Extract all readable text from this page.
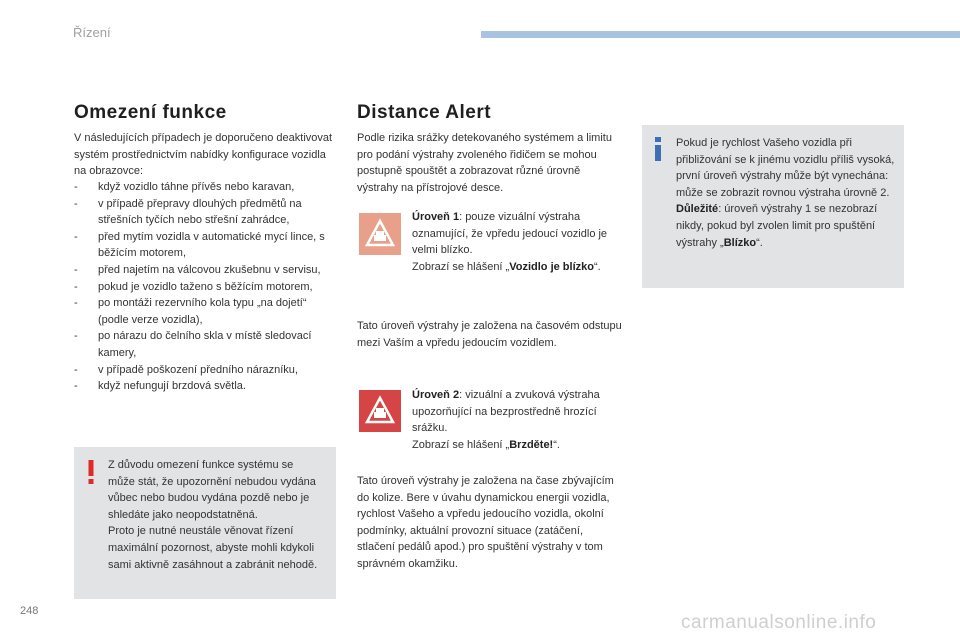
Řízení
Omezení funkce
V následujících případech je doporučeno deaktivovat systém prostřednictvím nabídky konfigurace vozidla na obrazovce:
- když vozidlo táhne přívěs nebo karavan,
- v případě přepravy dlouhých předmětů na střešních tyčích nebo střešní zahrádce,
- před mytím vozidla v automatické mycí lince, s běžícím motorem,
- před najetím na válcovou zkušebnu v servisu,
- pokud je vozidlo taženo s běžícím motorem,
- po montáži rezervního kola typu „na dojetí“ (podle verze vozidla),
- po nárazu do čelního skla v místě sledovací kamery,
- v případě poškození předního nárazníku,
- když nefungují brzdová světla.
Z důvodu omezení funkce systému se může stát, že upozornění nebudou vydána vůbec nebo budou vydána pozdě nebo je shledáte jako neopodstatněná.
Proto je nutné neustále věnovat řízení maximální pozornost, abyste mohli kdykoli sami aktivně zasáhnout a zabránit nehodě.
Distance Alert
Podle rizika srážky detekovaného systémem a limitu pro podání výstrahy zvoleného řidičem se mohou postupně spouštět a zobrazovat různé úrovně výstrahy na přístrojové desce.
Úroveň 1: pouze vizuální výstraha oznamující, že vpředu jedoucí vozidlo je velmi blízko.
Zobrazí se hlášení „Vozidlo je blízko“.
Tato úroveň výstrahy je založena na časovém odstupu mezi Vaším a vpředu jedoucím vozidlem.
Úroveň 2: vizuální a zvuková výstraha upozorňující na bezprostředně hrozící srážku.
Zobrazí se hlášení „Brzděte!“.
Tato úroveň výstrahy je založena na čase zbývajícím do kolize. Bere v úvahu dynamickou energii vozidla, rychlost Vašeho a vpředu jedoucího vozidla, okolní podmínky, aktuální provozní situace (zatáčení, stlačení pedálů apod.) pro spuštění výstrahy v tom správném okamžiku.
Pokud je rychlost Vašeho vozidla při přibližování se k jinému vozidlu příliš vysoká, první úroveň výstrahy může být vynechána: může se zobrazit rovnou výstraha úrovně 2.
Důležité: úroveň výstrahy 1 se nezobrazí nikdy, pokud byl zvolen limit pro spuštění výstrahy „Blízko“.
248
carmanualsonline.info
